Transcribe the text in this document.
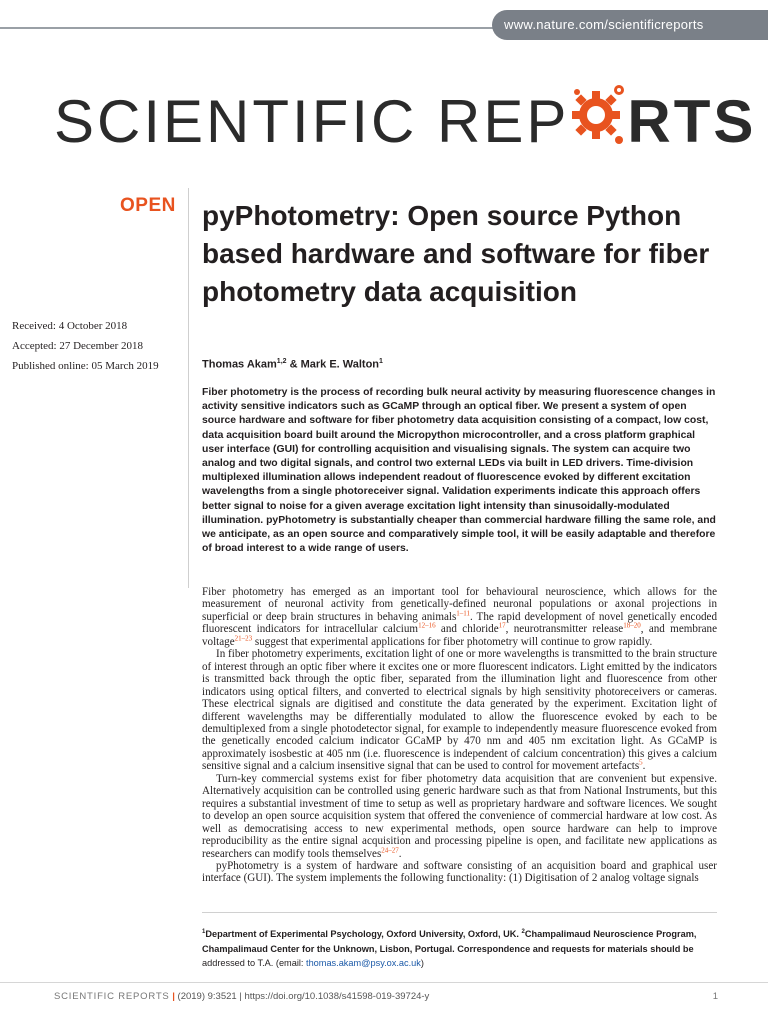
www.nature.com/scientificreports
SCIENTIFIC REP RTS
OPEN
Received: 4 October 2018
Accepted: 27 December 2018
Published online: 05 March 2019
pyPhotometry: Open source Python based hardware and software for fiber photometry data acquisition
Thomas Akam$^{1,2}$ & Mark E. Walton$^1$
Fiber photometry is the process of recording bulk neural activity by measuring fluorescence changes in activity sensitive indicators such as GCaMP through an optical fiber. We present a system of open source hardware and software for fiber photometry data acquisition consisting of a compact, low cost, data acquisition board built around the Micropython microcontroller, and a cross platform graphical user interface (GUI) for controlling acquisition and visualising signals. The system can acquire two analog and two digital signals, and control two external LEDs via built in LED drivers. Time-division multiplexed illumination allows independent readout of fluorescence evoked by different excitation wavelengths from a single photoreceiver signal. Validation experiments indicate this approach offers better signal to noise for a given average excitation light intensity than sinusoidally-modulated illumination. pyPhotometry is substantially cheaper than commercial hardware filling the same role, and we anticipate, as an open source and comparatively simple tool, it will be easily adaptable and therefore of broad interest to a wide range of users.

Fiber photometry has emerged as an important tool for behavioural neuroscience, which allows for the measurement of neuronal activity from genetically-defined neuronal populations or axonal projections in superficial or deep brain structures in behaving animals$^{1-11}$. The rapid development of novel genetically encoded fluorescent indicators for intracellular calcium$^{12-16}$ and chloride$^{17}$, neurotransmitter release$^{18-20}$, and membrane voltage$^{21-23}$ suggest that experimental applications for fiber photometry will continue to grow rapidly.

In fiber photometry experiments, excitation light of one or more wavelengths is transmitted to the brain structure of interest through an optic fiber where it excites one or more fluorescent indicators. Light emitted by the indicators is transmitted back through the optic fiber, separated from the illumination light and fluorescence from other indicators using optical filters, and converted to electrical signals by high sensitivity photoreceivers or cameras. These electrical signals are digitised and constitute the data generated by the experiment. Excitation light of different wavelengths may be differentially modulated to allow the fluorescence evoked by each to be demultiplexed from a single photodetector signal, for example to independently measure fluorescence evoked from the genetically encoded calcium indicator GCaMP by 470 nm and 405 nm excitation light. As GCaMP is approximately isosbestic at 405 nm (i.e. fluorescence is independent of calcium concentration) this gives a calcium sensitive signal and a calcium insensitive signal that can be used to control for movement artefacts$^5$.

Turn-key commercial systems exist for fiber photometry data acquisition that are convenient but expensive. Alternatively acquisition can be controlled using generic hardware such as that from National Instruments, but this requires a substantial investment of time to setup as well as proprietary hardware and software licences. We sought to develop an open source acquisition system that offered the convenience of commercial hardware at low cost. As well as democratising access to new experimental methods, open source hardware can help to improve reproducibility as the entire signal acquisition and processing pipeline is open, and facilitate new applications as researchers can modify tools themselves$^{24-27}$.

pyPhotometry is a system of hardware and software consisting of an acquisition board and graphical user interface (GUI). The system implements the following functionality: (1) Digitisation of 2 analog voltage signals

$^1$Department of Experimental Psychology, Oxford University, Oxford, UK. $^2$Champalimaud Neuroscience Program,
Champalimaud Center for the Unknown, Lisbon, Portugal. Correspondence and requests for materials should be
addressed to T.A. (email: thomas.akam@psy.ox.ac.uk)
SCIENTIFIC REPORTS | (2019) 9:3521 | https://doi.org/10.1038/s41598-019-39724-y	1
